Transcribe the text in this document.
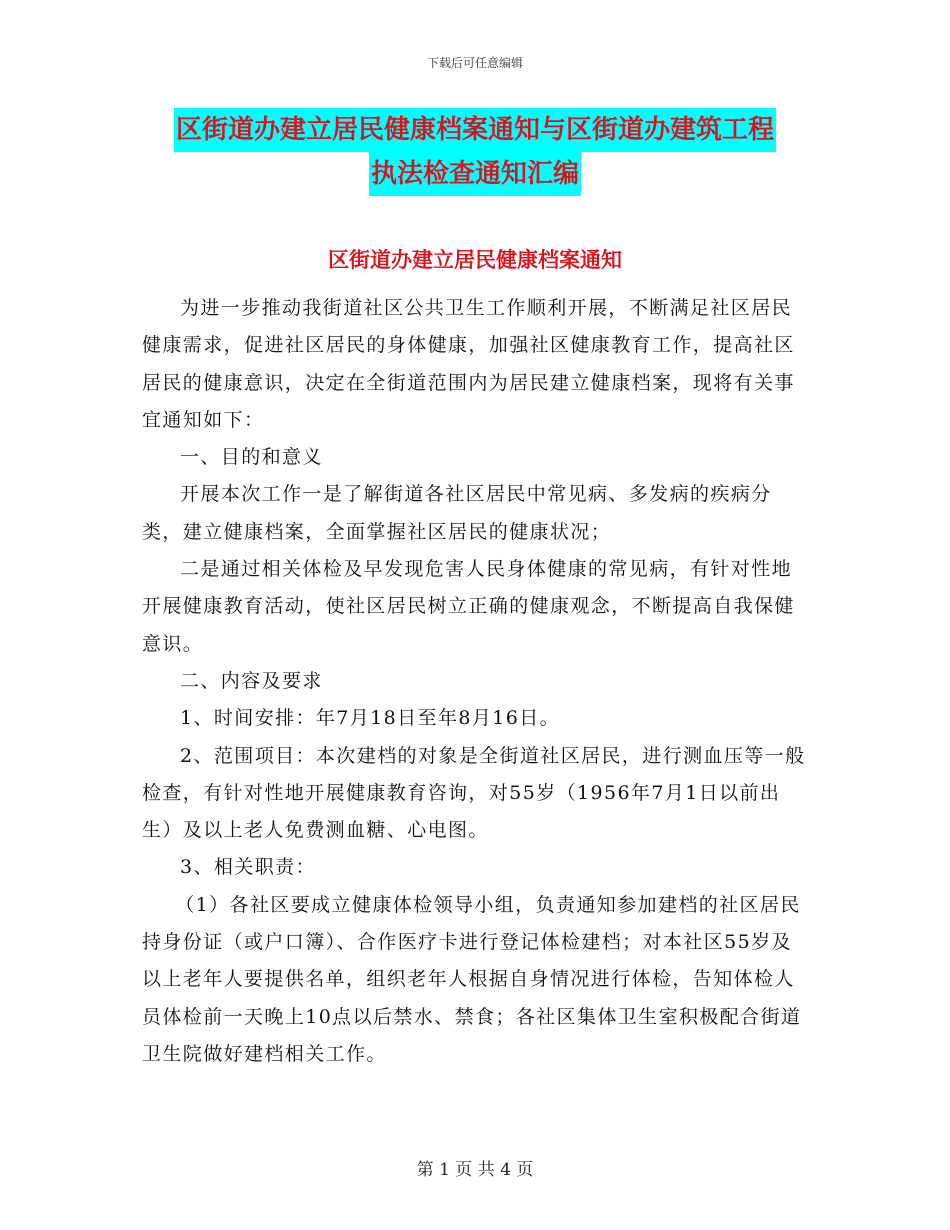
下载后可任意编辑
区街道办建立居民健康档案通知与区街道办建筑工程
执法检查通知汇编
区街道办建立居民健康档案通知

为进一步推动我街道社区公共卫生工作顺利开展，不断满足社区居民健康需求，促进社区居民的身体健康，加强社区健康教育工作，提高社区居民的健康意识，决定在全街道范围内为居民建立健康档案，现将有关事宜通知如下：

一、目的和意义

开展本次工作一是了解街道各社区居民中常见病、多发病的疾病分类，建立健康档案，全面掌握社区居民的健康状况；

二是通过相关体检及早发现危害人民身体健康的常见病，有针对性地开展健康教育活动，使社区居民树立正确的健康观念，不断提高自我保健意识。

二、内容及要求

1、时间安排：年7月18日至年8月16日。

2、范围项目：本次建档的对象是全街道社区居民，进行测血压等一般检查，有针对性地开展健康教育咨询，对55岁（1956年7月1日以前出生）及以上老人免费测血糖、心电图。

3、相关职责：

（1）各社区要成立健康体检领导小组，负责通知参加建档的社区居民持身份证（或户口簿）、合作医疗卡进行登记体检建档；对本社区55岁及以上老年人要提供名单，组织老年人根据自身情况进行体检，告知体检人员体检前一天晚上10点以后禁水、禁食；各社区集体卫生室积极配合街道卫生院做好建档相关工作。

第 1 页 共 4 页
